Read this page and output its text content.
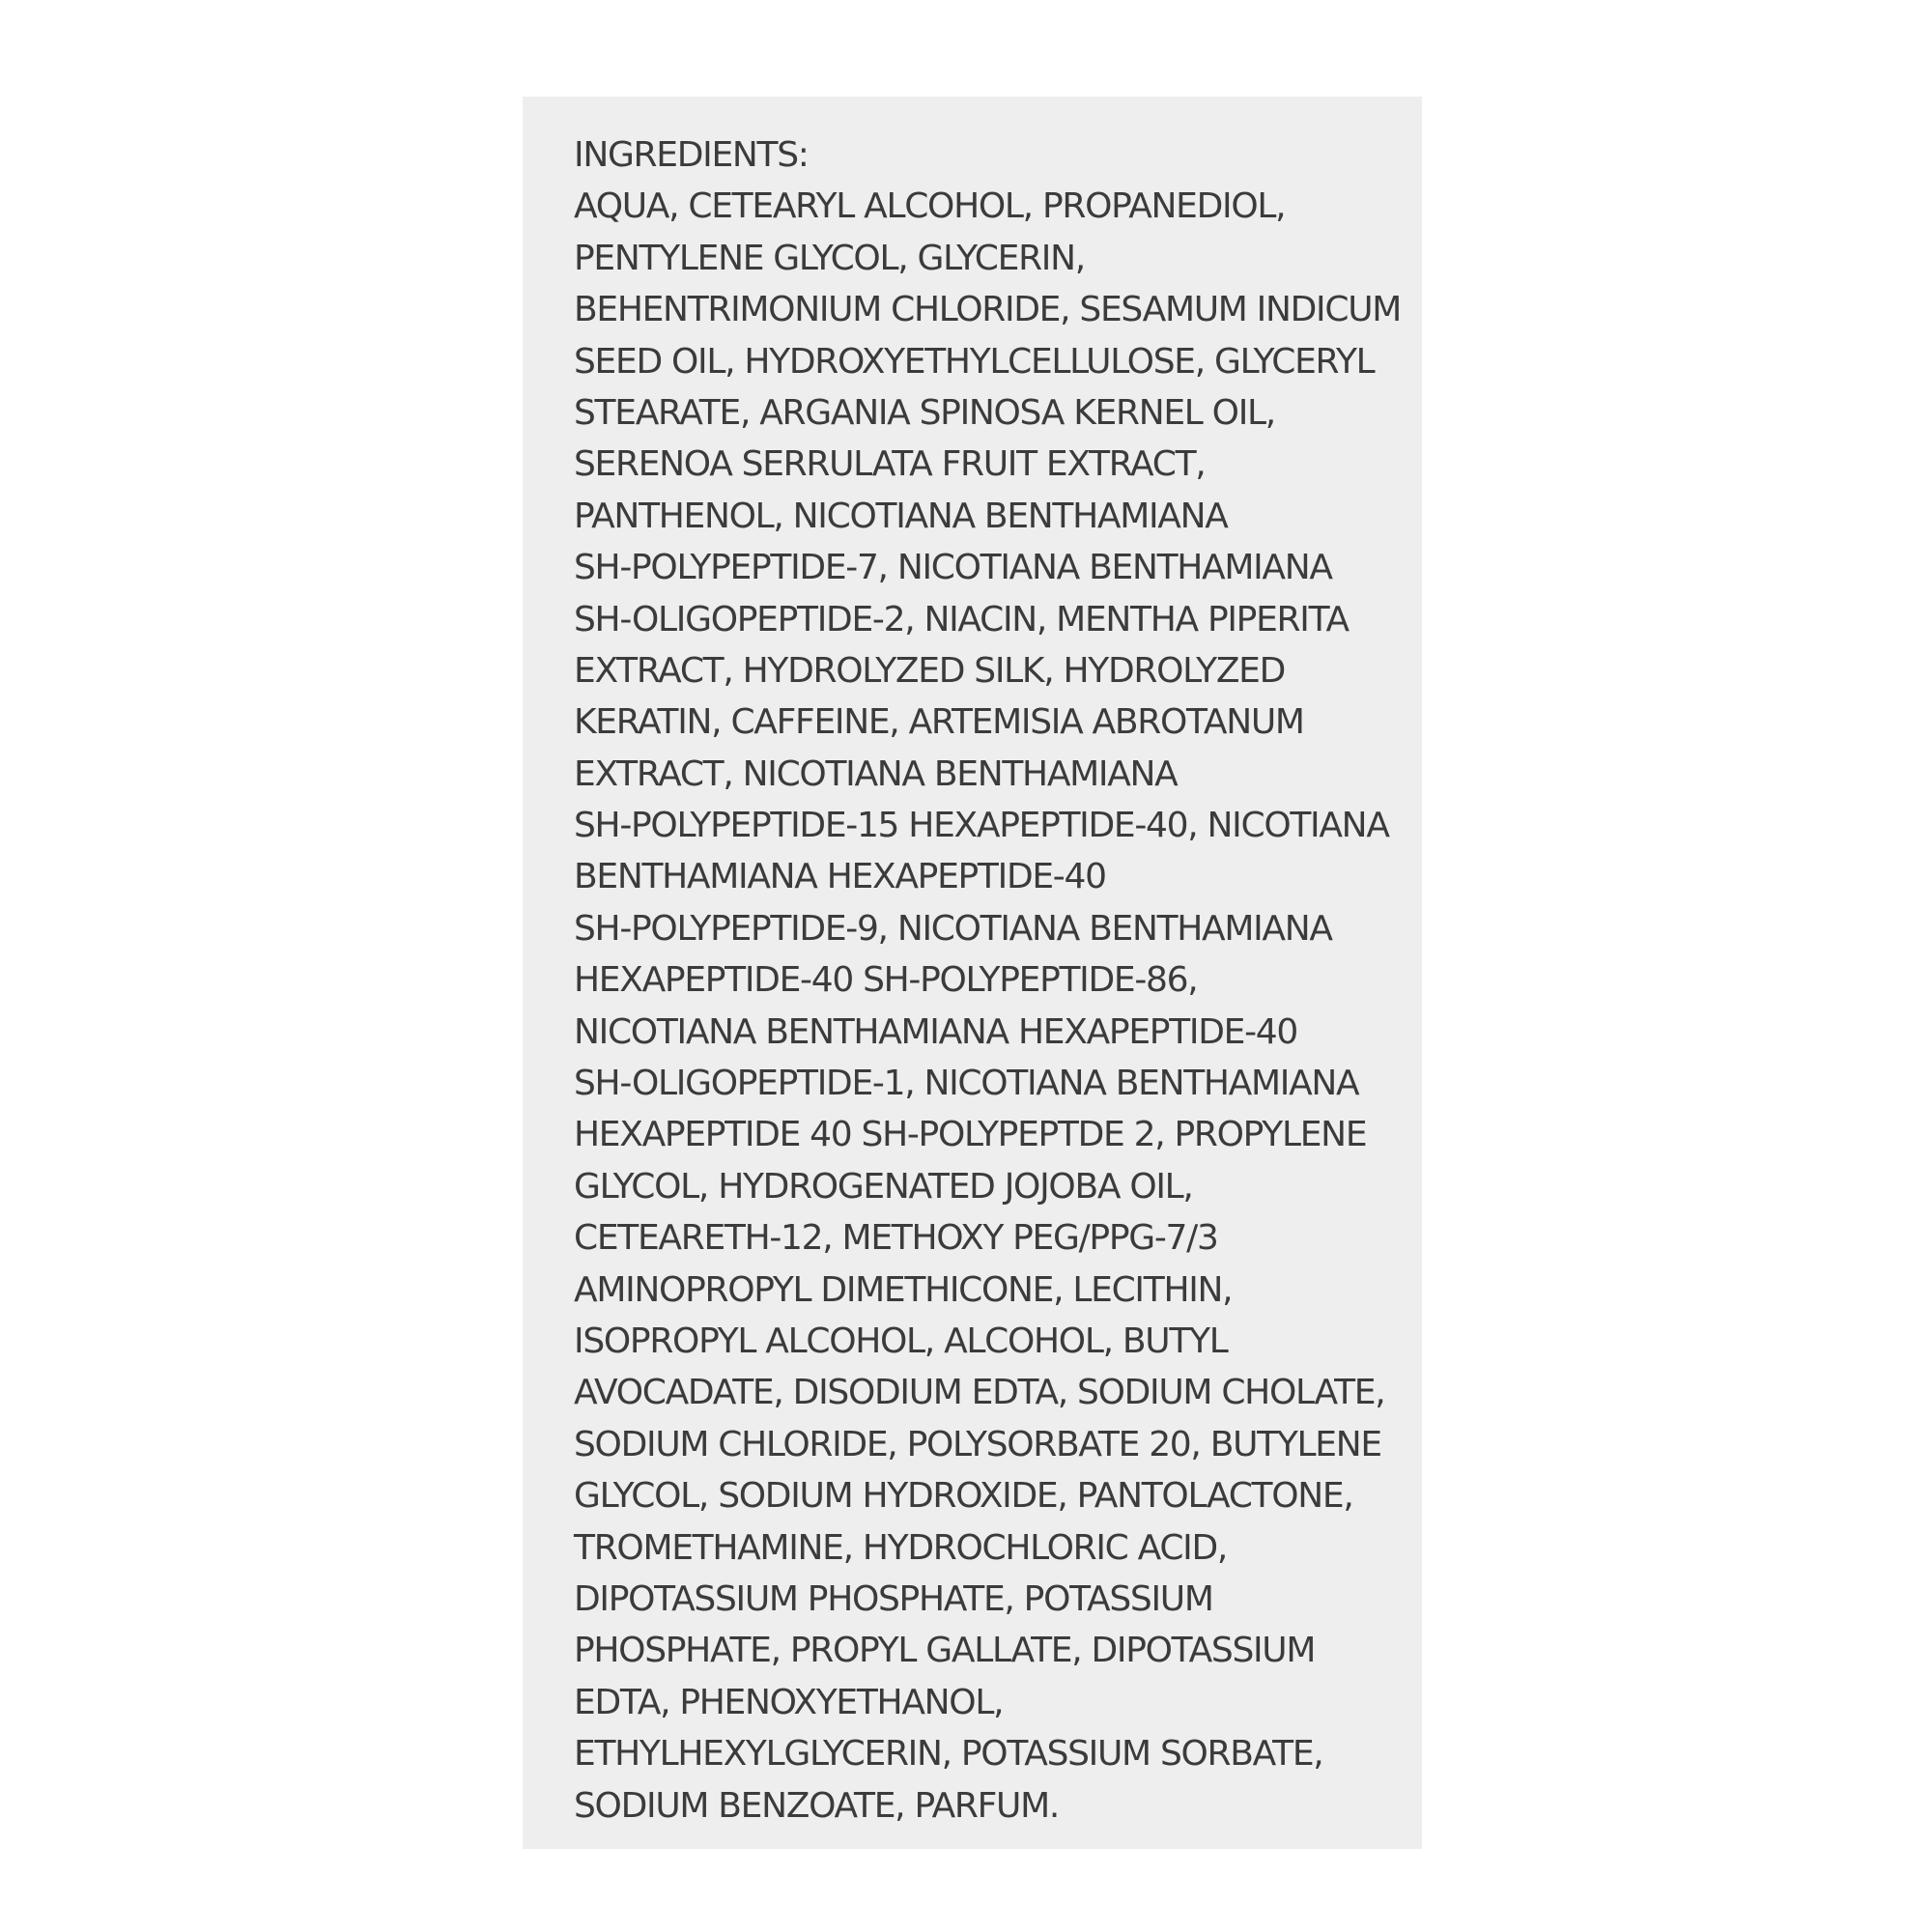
INGREDIENTS:
AQUA, CETEARYL ALCOHOL, PROPANEDIOL,
PENTYLENE GLYCOL, GLYCERIN,
BEHENTRIMONIUM CHLORIDE, SESAMUM INDICUM
SEED OIL, HYDROXYETHYLCELLULOSE, GLYCERYL
STEARATE, ARGANIA SPINOSA KERNEL OIL,
SERENOA SERRULATA FRUIT EXTRACT,
PANTHENOL, NICOTIANA BENTHAMIANA
SH-POLYPEPTIDE-7, NICOTIANA BENTHAMIANA
SH-OLIGOPEPTIDE-2, NIACIN, MENTHA PIPERITA
EXTRACT, HYDROLYZED SILK, HYDROLYZED
KERATIN, CAFFEINE, ARTEMISIA ABROTANUM
EXTRACT, NICOTIANA BENTHAMIANA
SH-POLYPEPTIDE-15 HEXAPEPTIDE-40, NICOTIANA
BENTHAMIANA HEXAPEPTIDE-40
SH-POLYPEPTIDE-9, NICOTIANA BENTHAMIANA
HEXAPEPTIDE-40 SH-POLYPEPTIDE-86,
NICOTIANA BENTHAMIANA HEXAPEPTIDE-40
SH-OLIGOPEPTIDE-1, NICOTIANA BENTHAMIANA
HEXAPEPTIDE 40 SH-POLYPEPTDE 2, PROPYLENE
GLYCOL, HYDROGENATED JOJOBA OIL,
CETEARETH-12, METHOXY PEG/PPG-7/3
AMINOPROPYL DIMETHICONE, LECITHIN,
ISOPROPYL ALCOHOL, ALCOHOL, BUTYL
AVOCADATE, DISODIUM EDTA, SODIUM CHOLATE,
SODIUM CHLORIDE, POLYSORBATE 20, BUTYLENE
GLYCOL, SODIUM HYDROXIDE, PANTOLACTONE,
TROMETHAMINE, HYDROCHLORIC ACID,
DIPOTASSIUM PHOSPHATE, POTASSIUM
PHOSPHATE, PROPYL GALLATE, DIPOTASSIUM
EDTA, PHENOXYETHANOL,
ETHYLHEXYLGLYCERIN, POTASSIUM SORBATE,
SODIUM BENZOATE, PARFUM.
